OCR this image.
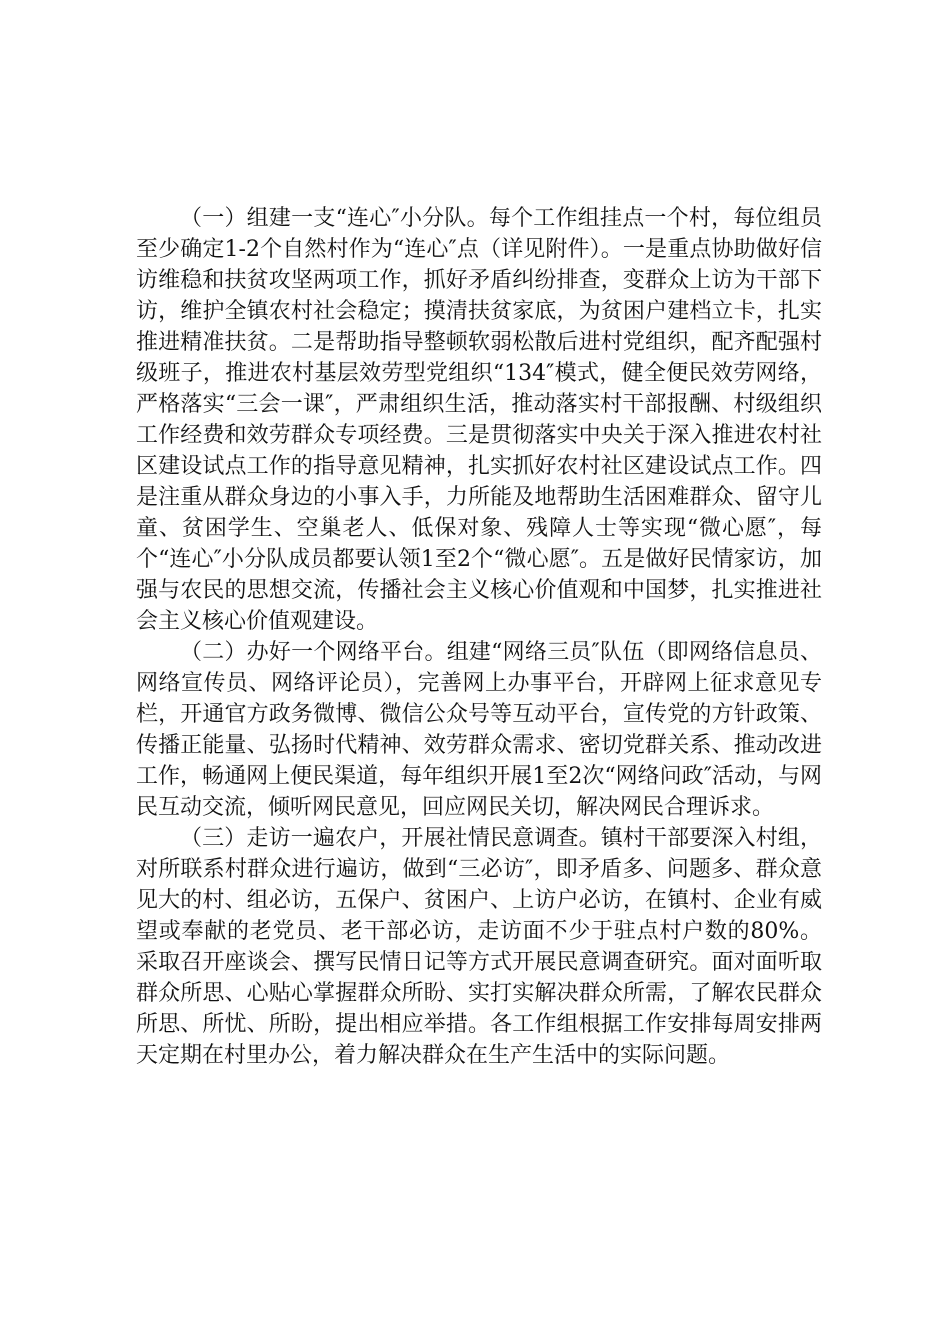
（一）组建一支“连心″小分队。每个工作组挂点一个村，每位组员至少确定1-2个自然村作为“连心″点（详见附件）。一是重点协助做好信访维稳和扶贫攻坚两项工作，抓好矛盾纠纷排查，变群众上访为干部下访，维护全镇农村社会稳定；摸清扶贫家底，为贫困户建档立卡，扎实推进精准扶贫。二是帮助指导整顿软弱松散后进村党组织，配齐配强村级班子，推进农村基层效劳型党组织“134″模式，健全便民效劳网络，严格落实“三会一课″，严肃组织生活，推动落实村干部报酬、村级组织工作经费和效劳群众专项经费。三是贯彻落实中央关于深入推进农村社区建设试点工作的指导意见精神，扎实抓好农村社区建设试点工作。四是注重从群众身边的小事入手，力所能及地帮助生活困难群众、留守儿童、贫困学生、空巢老人、低保对象、残障人士等实现“微心愿″，每个“连心″小分队成员都要认领1至2个“微心愿″。五是做好民情家访，加强与农民的思想交流，传播社会主义核心价值观和中国梦，扎实推进社会主义核心价值观建设。

（二）办好一个网络平台。组建“网络三员″队伍（即网络信息员、网络宣传员、网络评论员），完善网上办事平台，开辟网上征求意见专栏，开通官方政务微博、微信公众号等互动平台，宣传党的方针政策、传播正能量、弘扬时代精神、效劳群众需求、密切党群关系、推动改进工作，畅通网上便民渠道，每年组织开展1至2次“网络问政″活动，与网民互动交流，倾听网民意见，回应网民关切，解决网民合理诉求。

（三）走访一遍农户，开展社情民意调查。镇村干部要深入村组，对所联系村群众进行遍访，做到“三必访″，即矛盾多、问题多、群众意见大的村、组必访，五保户、贫困户、上访户必访，在镇村、企业有威望或奉献的老党员、老干部必访，走访面不少于驻点村户数的80%。采取召开座谈会、撰写民情日记等方式开展民意调查研究。面对面听取群众所思、心贴心掌握群众所盼、实打实解决群众所需，了解农民群众所思、所忧、所盼，提出相应举措。各工作组根据工作安排每周安排两天定期在村里办公，着力解决群众在生产生活中的实际问题。
